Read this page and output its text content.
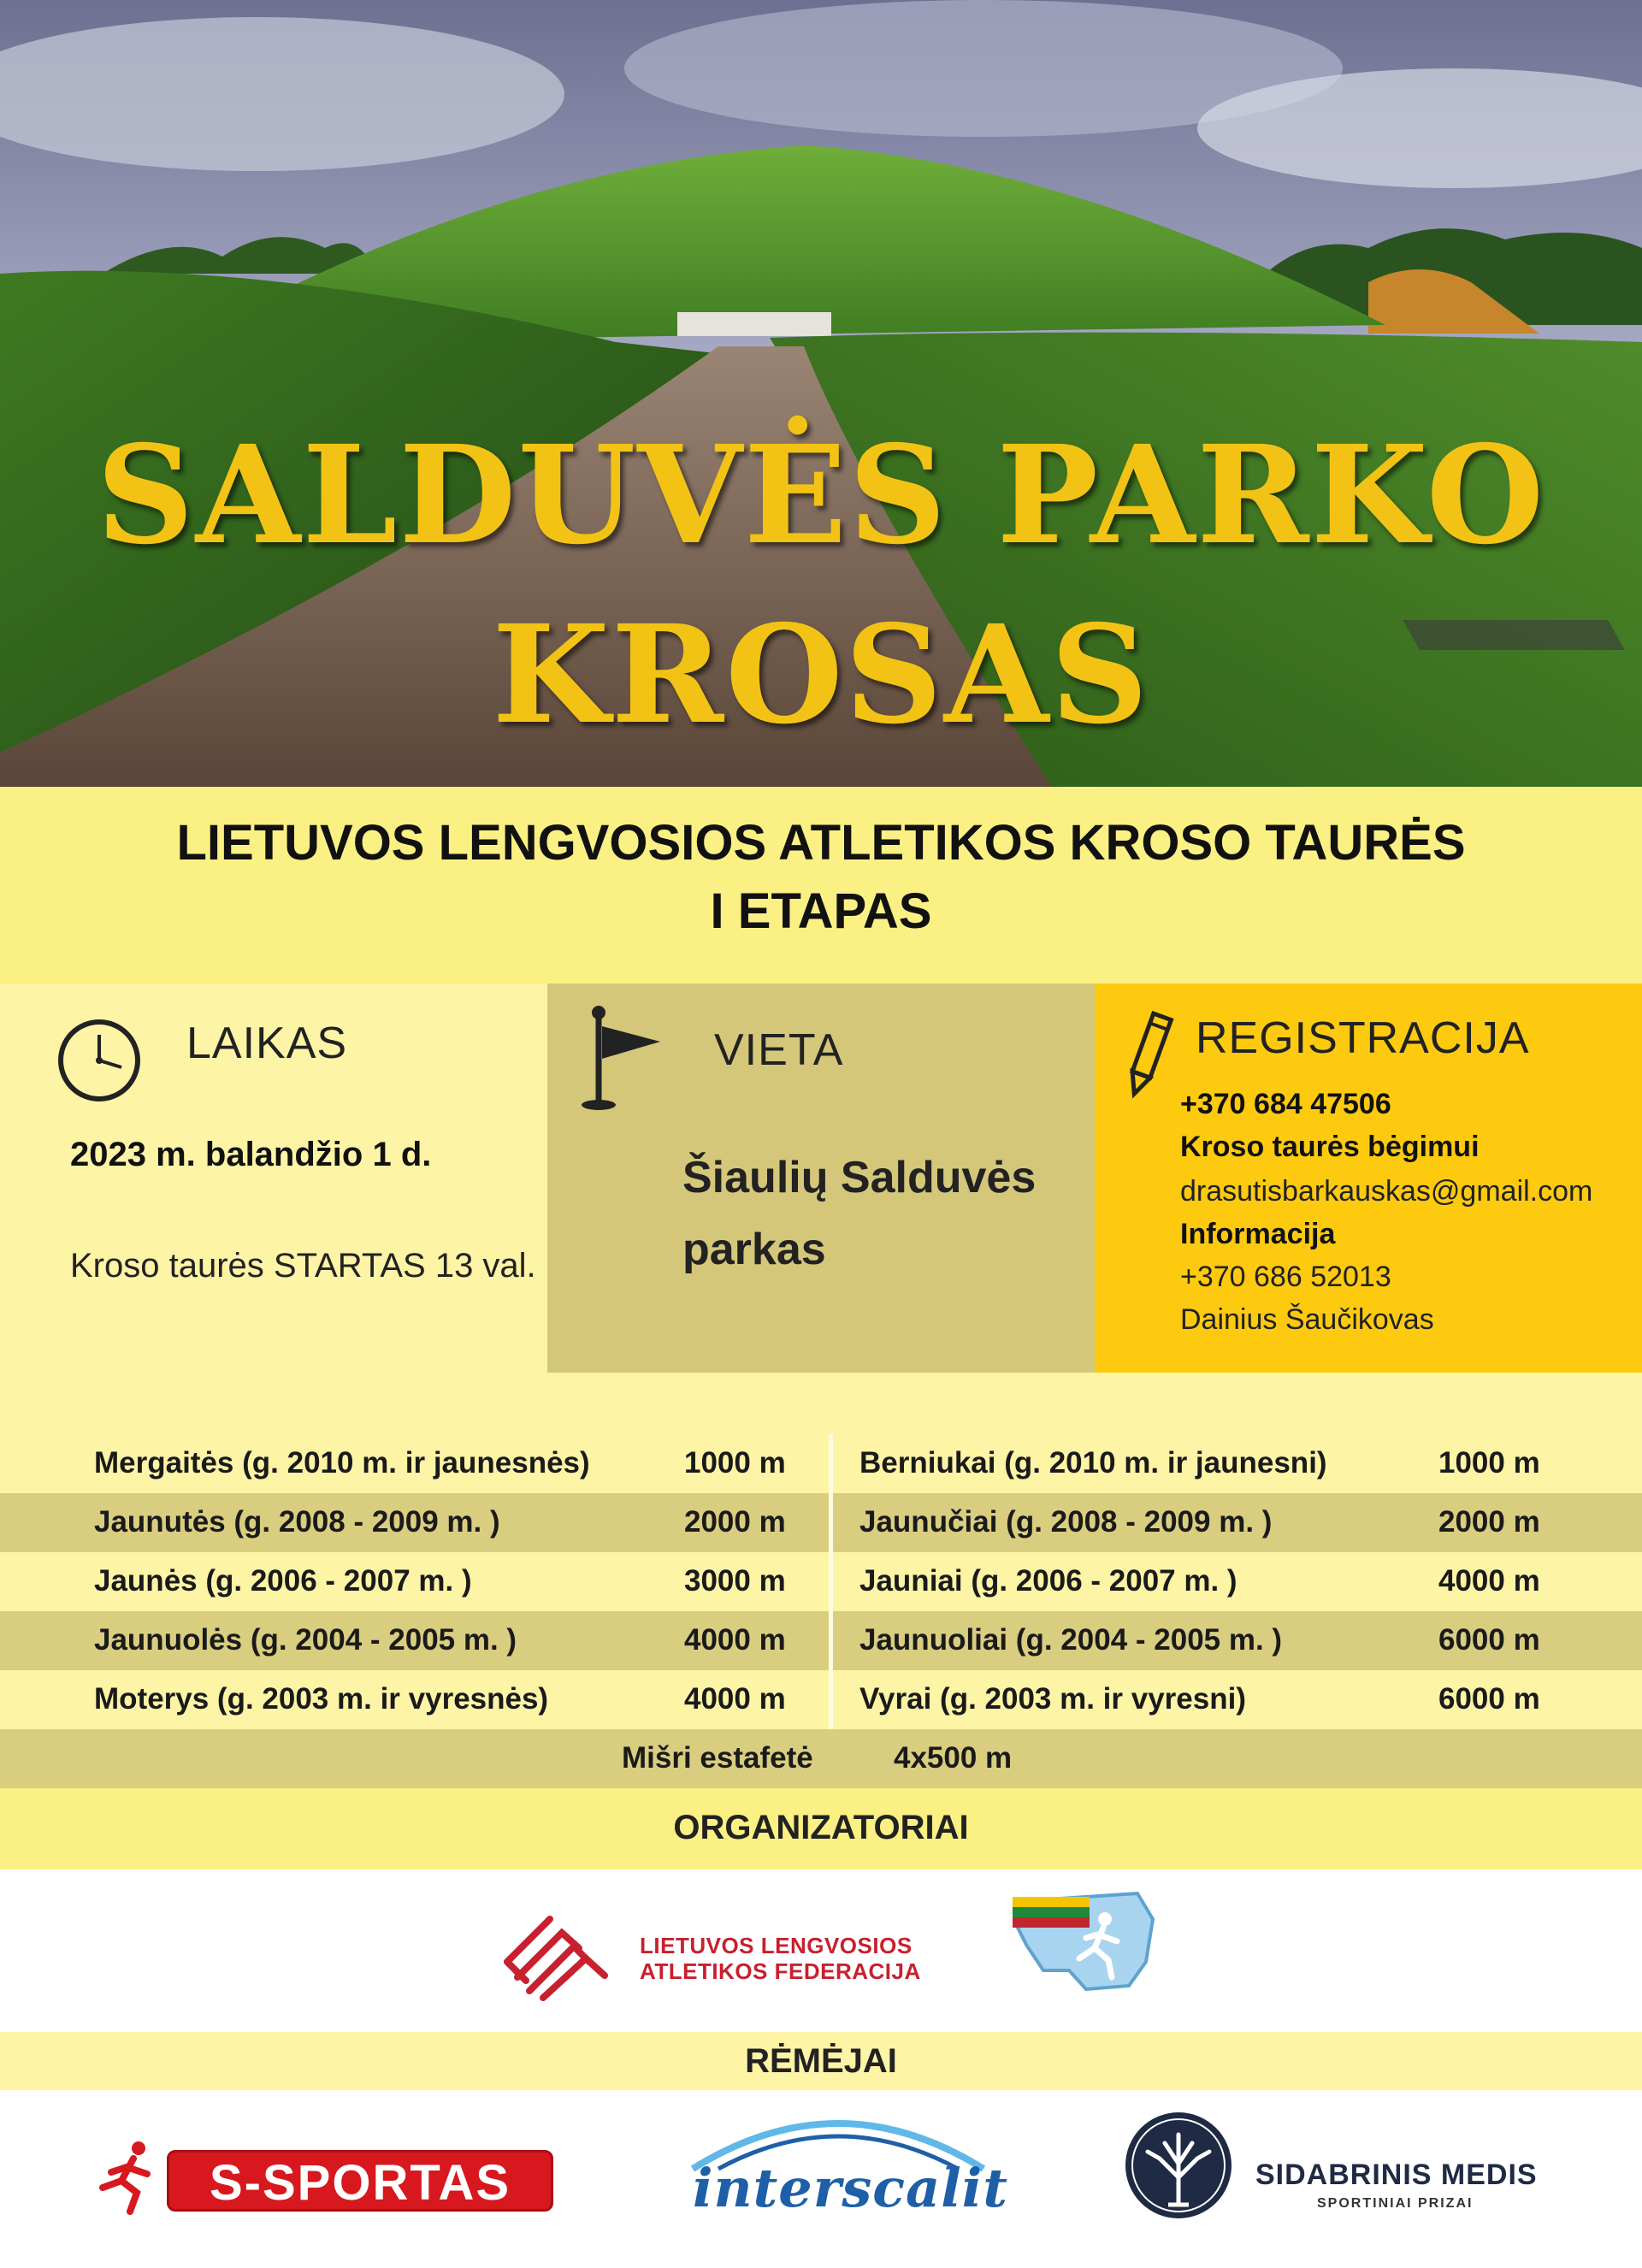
SALDUVĖS PARKO
KROSAS
LIETUVOS LENGVOSIOS ATLETIKOS KROSO TAURĖS
I ETAPAS
LAIKAS
2023 m. balandžio 1 d.
Kroso taurės STARTAS 13 val.
VIETA
Šiaulių Salduvės
parkas
REGISTRACIJA
+370 684 47506
Kroso taurės bėgimui
drasutisbarkauskas@gmail.com
Informacija
+370 686 52013
Dainius Šaučikovas
Mergaitės (g. 2010 m. ir jaunesnės)	1000 m Berniukai (g. 2010 m. ir jaunesni)	1000 m
Jaunutės (g. 2008 - 2009 m. )	2000 m Jaunučiai (g. 2008 - 2009 m. )	2000 m
Jaunės (g. 2006 - 2007 m. )	3000 m Jauniai (g. 2006 - 2007 m. )	4000 m
Jaunuolės (g. 2004 - 2005 m. )	4000 m Jaunuoliai (g. 2004 - 2005 m. )	6000 m
Moterys (g. 2003 m. ir vyresnės)	4000 m Vyrai (g. 2003 m. ir vyresni)	6000 m
Mišri estafetė	4x500 m
ORGANIZATORIAI
LIETUVOS LENGVOSIOS
ATLETIKOS FEDERACIJA
RĖMĖJAI
S-SPORTAS	interscalit	SIDABRINIS MEDIS
SPORTINIAI PRIZAI
